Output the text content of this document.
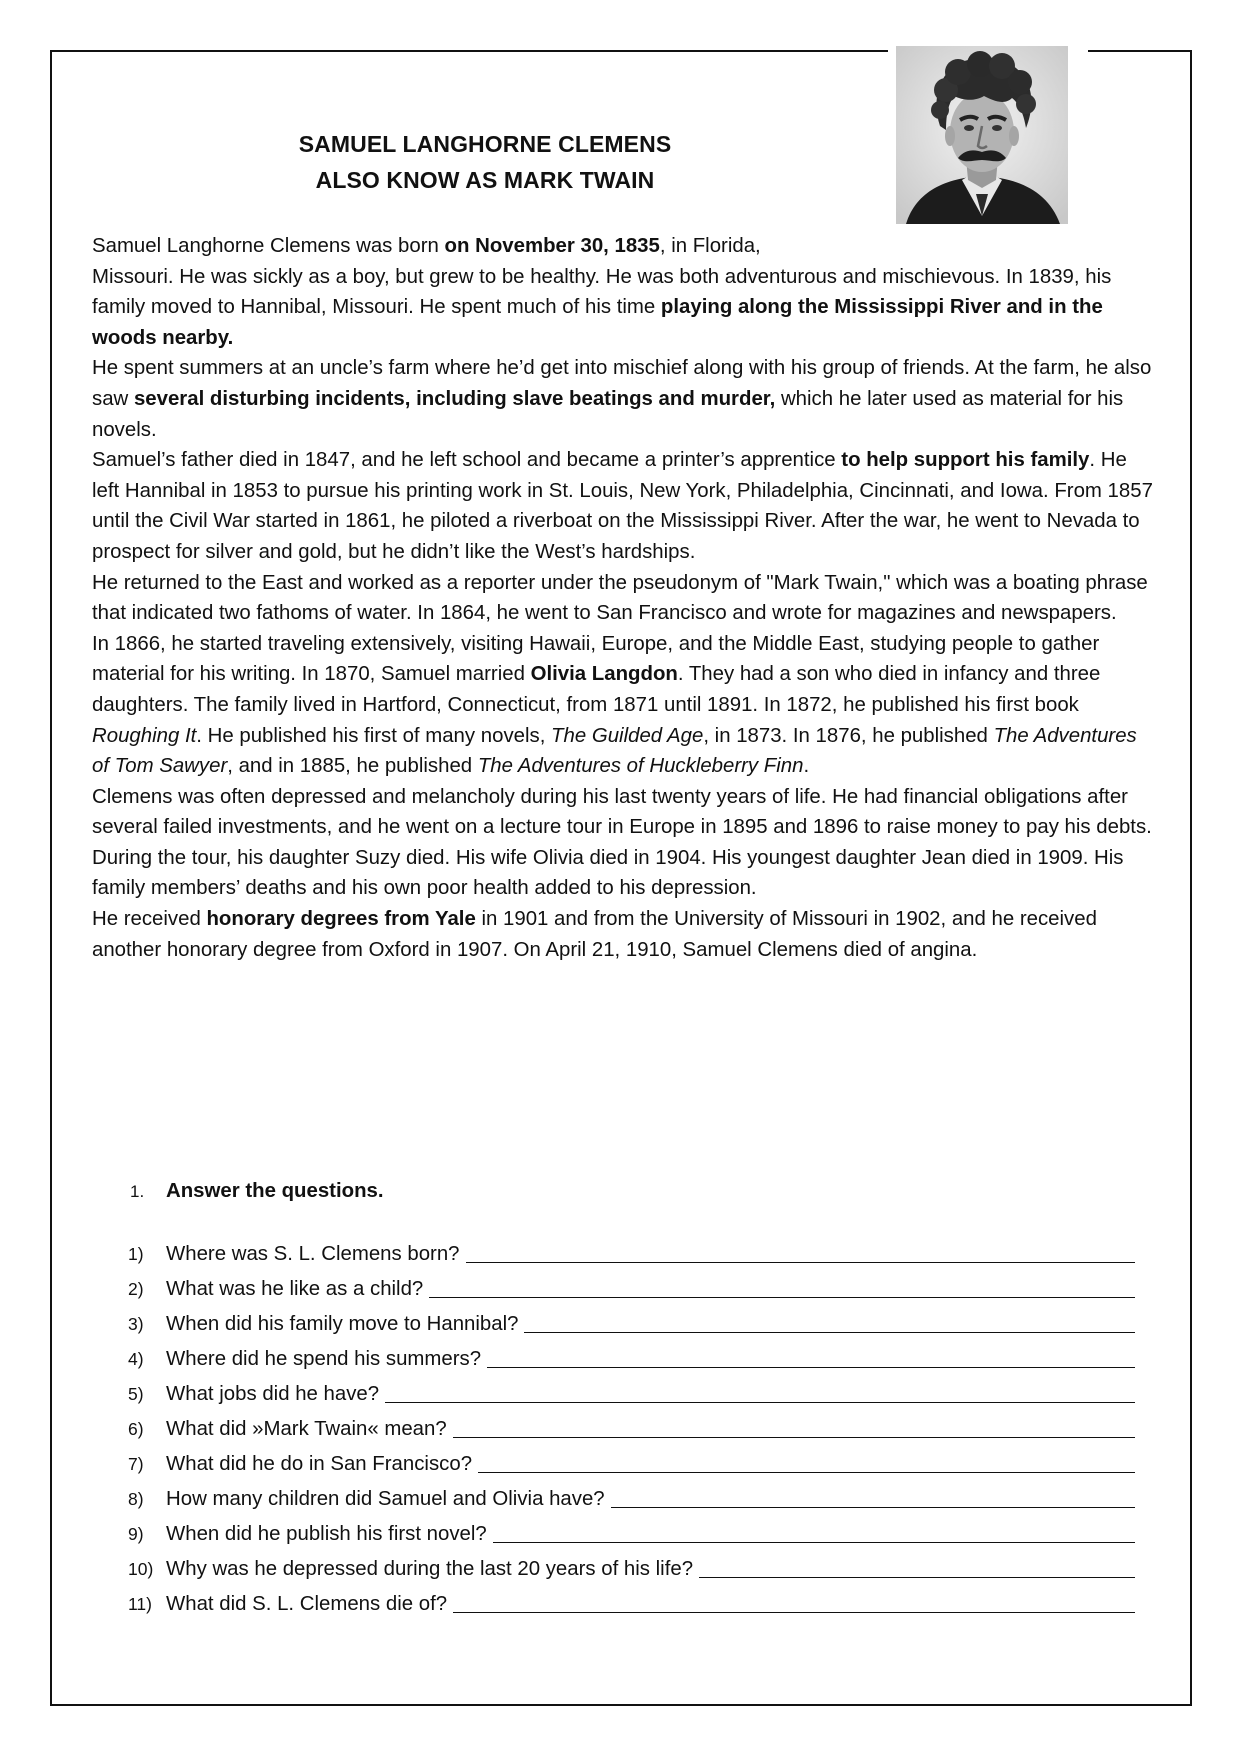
SAMUEL LANGHORNE CLEMENS
ALSO KNOW AS MARK TWAIN

Samuel Langhorne Clemens was born on November 30, 1835, in Florida,
Missouri. He was sickly as a boy, but grew to be healthy. He was both adventurous and mischievous. In 1839, his family moved to Hannibal, Missouri. He spent much of his time playing along the Mississippi River and in the woods nearby.

He spent summers at an uncle’s farm where he’d get into mischief along with his group of friends. At the farm, he also saw several disturbing incidents, including slave beatings and murder, which he later used as material for his novels.

Samuel’s father died in 1847, and he left school and became a printer’s apprentice to help support his family. He left Hannibal in 1853 to pursue his printing work in St. Louis, New York, Philadelphia, Cincinnati, and Iowa. From 1857 until the Civil War started in 1861, he piloted a riverboat on the Mississippi River. After the war, he went to Nevada to prospect for silver and gold, but he didn’t like the West’s hardships.

He returned to the East and worked as a reporter under the pseudonym of "Mark Twain," which was a boating phrase that indicated two fathoms of water. In 1864, he went to San Francisco and wrote for magazines and newspapers.

In 1866, he started traveling extensively, visiting Hawaii, Europe, and the Middle East, studying people to gather material for his writing. In 1870, Samuel married Olivia Langdon. They had a son who died in infancy and three daughters. The family lived in Hartford, Connecticut, from 1871 until 1891. In 1872, he published his first book Roughing It. He published his first of many novels, The Guilded Age, in 1873. In 1876, he published The Adventures of Tom Sawyer, and in 1885, he published The Adventures of Huckleberry Finn.

Clemens was often depressed and melancholy during his last twenty years of life. He had financial obligations after several failed investments, and he went on a lecture tour in Europe in 1895 and 1896 to raise money to pay his debts. During the tour, his daughter Suzy died. His wife Olivia died in 1904. His youngest daughter Jean died in 1909. His family members’ deaths and his own poor health added to his depression.

He received honorary degrees from Yale in 1901 and from the University of Missouri in 1902, and he received another honorary degree from Oxford in 1907. On April 21, 1910, Samuel Clemens died of angina.

1. Answer the questions.
1)	Where was S. L. Clemens born?
2)	What was he like as a child?
3)	When did his family move to Hannibal?
4)	Where did he spend his summers?
5)	What jobs did he have?
6)	What did »Mark Twain« mean?
7)	What did he do in San Francisco?
8)	How many children did Samuel and Olivia have?
9)	When did he publish his first novel?
10) Why was he depressed during the last 20 years of his life?
11) What did S. L. Clemens die of?
